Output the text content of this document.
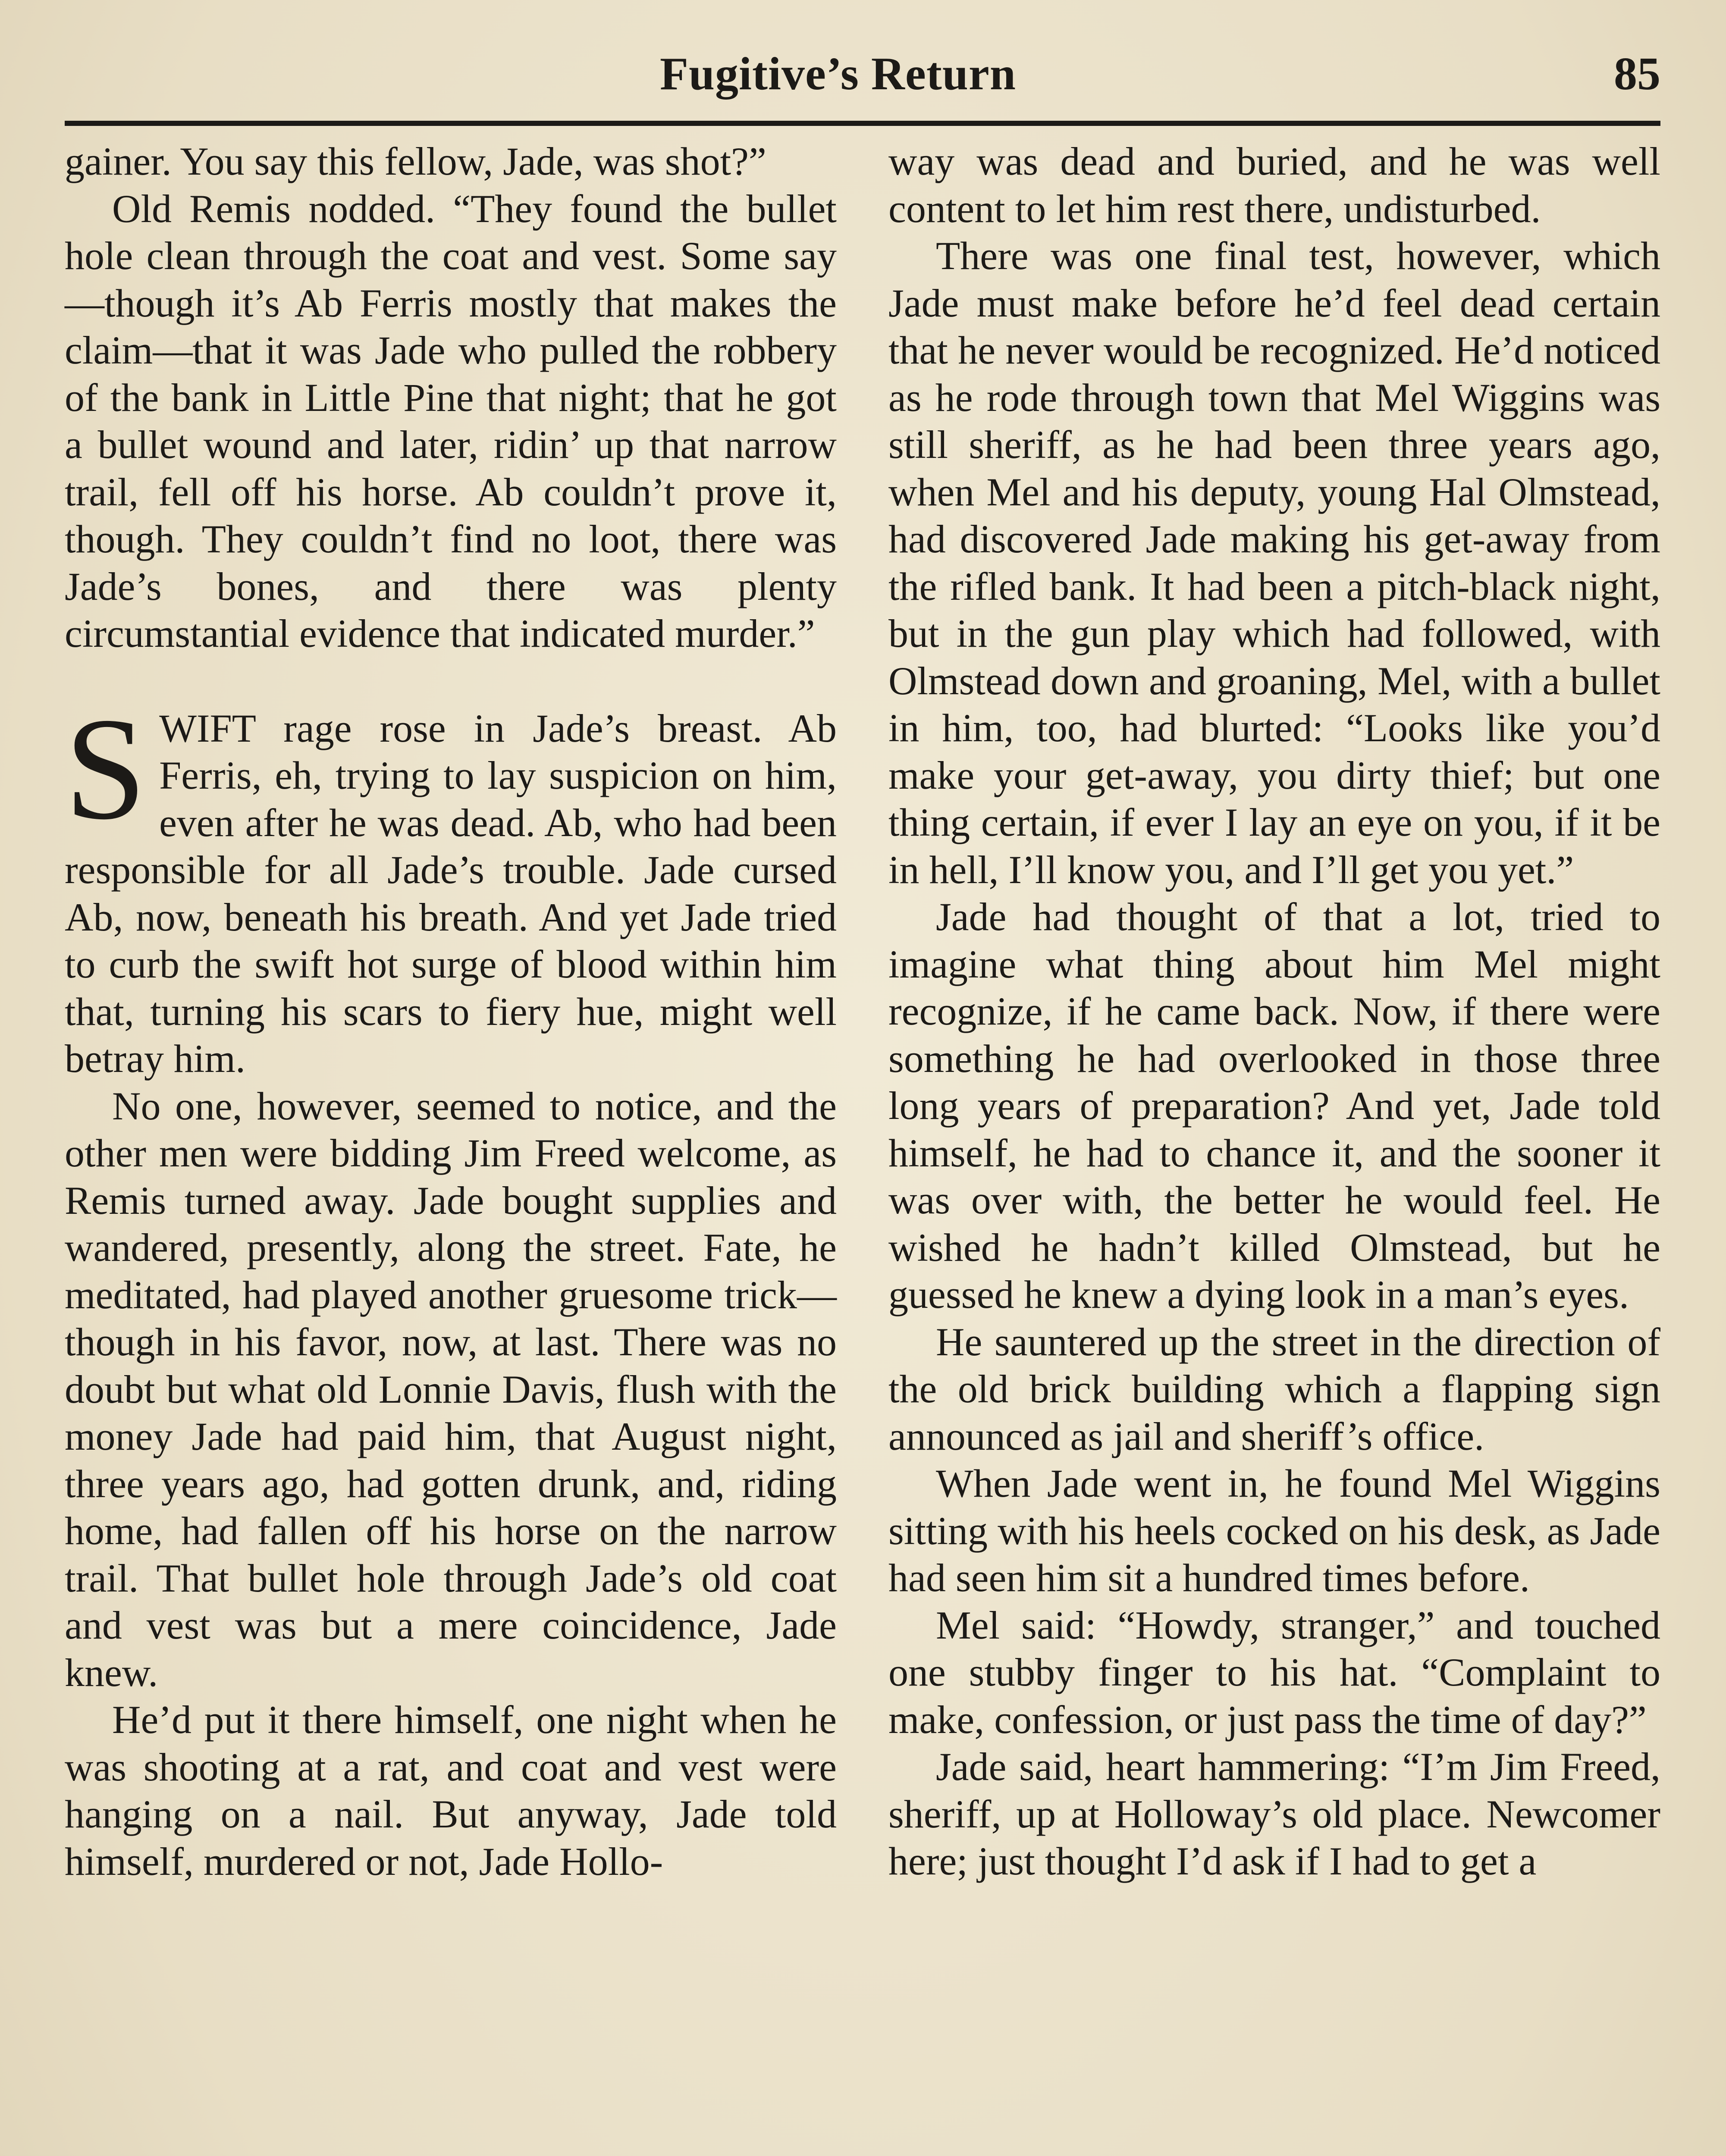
Fugitive’s Return	85

gainer. You say this fellow, Jade, was shot?”

Old Remis nodded. “They found the bullet hole clean through the coat and vest. Some say—though it’s Ab Ferris mostly that makes the claim—that it was Jade who pulled the robbery of the bank in Little Pine that night; that he got a bullet wound and later, ridin’ up that narrow trail, fell off his horse. Ab couldn’t prove it, though. They couldn’t find no loot, there was Jade’s bones, and there was plenty circumstantial evidence that indicated murder.”

SWIFT rage rose in Jade’s breast. Ab Ferris, eh, trying to lay suspicion on him, even after he was dead. Ab, who had been responsible for all Jade’s trouble. Jade cursed Ab, now, beneath his breath. And yet Jade tried to curb the swift hot surge of blood within him that, turning his scars to fiery hue, might well betray him.

No one, however, seemed to notice, and the other men were bidding Jim Freed welcome, as Remis turned away. Jade bought supplies and wandered, presently, along the street. Fate, he meditated, had played another gruesome trick—though in his favor, now, at last. There was no doubt but what old Lonnie Davis, flush with the money Jade had paid him, that August night, three years ago, had gotten drunk, and, riding home, had fallen off his horse on the narrow trail. That bullet hole through Jade’s old coat and vest was but a mere coincidence, Jade knew.

He’d put it there himself, one night when he was shooting at a rat, and coat and vest were hanging on a nail. But anyway, Jade told himself, murdered or not, Jade Hollo-

way was dead and buried, and he was well content to let him rest there, undisturbed.

There was one final test, however, which Jade must make before he’d feel dead certain that he never would be recognized. He’d noticed as he rode through town that Mel Wiggins was still sheriff, as he had been three years ago, when Mel and his deputy, young Hal Olmstead, had discovered Jade making his get-away from the rifled bank. It had been a pitch-black night, but in the gun play which had followed, with Olmstead down and groaning, Mel, with a bullet in him, too, had blurted: “Looks like you’d make your get-away, you dirty thief; but one thing certain, if ever I lay an eye on you, if it be in hell, I’ll know you, and I’ll get you yet.”

Jade had thought of that a lot, tried to imagine what thing about him Mel might recognize, if he came back. Now, if there were something he had overlooked in those three long years of preparation? And yet, Jade told himself, he had to chance it, and the sooner it was over with, the better he would feel. He wished he hadn’t killed Olmstead, but he guessed he knew a dying look in a man’s eyes.

He sauntered up the street in the direction of the old brick building which a flapping sign announced as jail and sheriff’s office.

When Jade went in, he found Mel Wiggins sitting with his heels cocked on his desk, as Jade had seen him sit a hundred times before.

Mel said: “Howdy, stranger,” and touched one stubby finger to his hat. “Complaint to make, confession, or just pass the time of day?”

Jade said, heart hammering: “I’m Jim Freed, sheriff, up at Holloway’s old place. Newcomer here; just thought I’d ask if I had to get a
